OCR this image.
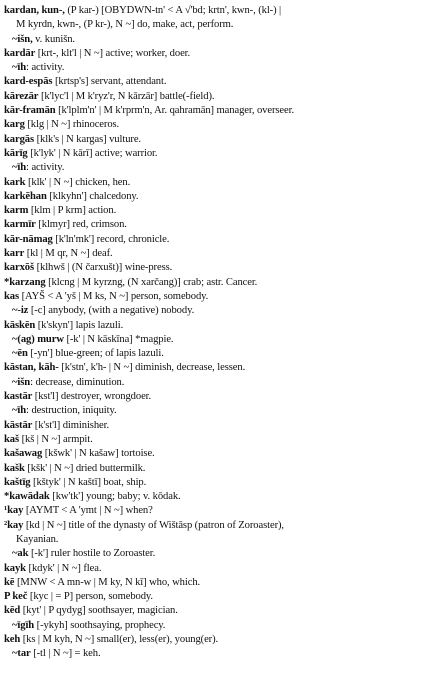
kardan, kun-, (P kar-) [OBYDWN-tn' < A √'bd; krtn', kwn-, (kl-) |
M kyrdn, kwn-, (P kr-), N ~] do, make, act, perform.
~išn, v. kunišn.
kardār [krt-, klt'l | N ~] active; worker, doer.
~īh: activity.
kard-espās [krtsp's] servant, attendant.
kārezār [k'lyc'l | M k'ryz'r, N kārzār] battle(-field).
kār-framān [k'lplm'n' | M k'rprm'n, Ar. qahramān] manager, overseer.
karg [klg | N ~] rhinoceros.
kargās [klk's | N kargas] vulture.
kārīg [k'lyk' | N kārī] active; warrior.
~īh: activity.
kark [klk' | N ~] chicken, hen.
karkēhan [klkyhn'] chalcedony.
karm [klm | P krm] action.
karmīr [klmyr] red, crimson.
kār-nāmag [k'ln'mk'] record, chronicle.
karr [kl | M qr, N ~] deaf.
karxōš [klhwš | (N čarxušt)] wine-press.
*karzang [klcng | M kyrzng, (N xarčang)] crab; astr. Cancer.
kas [AYŠ < A 'yš | M ks, N ~] person, somebody.
~-iz [-c] anybody, (with a negative) nobody.
kāskēn [k'skyn'] lapis lazuli.
~(ag) murw [-k' | N kāskīna] *magpie.
~ēn [-yn'] blue-green; of lapis lazuli.
kāstan, kāh- [k'stn', k'h- | N ~] diminish, decrease, lessen.
~išn: decrease, diminution.
kastār [kst'l] destroyer, wrongdoer.
~īh: destruction, iniquity.
kāstār [k'st'l] diminisher.
kaš [kš | N ~] armpit.
kašawag [kšwk' | N kašaw] tortoise.
kašk [kšk' | N ~] dried buttermilk.
kaštīg [kštyk' | N kaštī] boat, ship.
*kawādak [kw'tk'] young; baby; v. kōdak.
¹kay [AYMT < A 'ymt | N ~] when?
²kay [kd | N ~] title of the dynasty of Wištāsp (patron of Zoroaster),
Kayanian.
~ak [-k'] ruler hostile to Zoroaster.
kayk [kdyk' | N ~] flea.
kē [MNW < A mn-w | M ky, N kī] who, which.
P keč [kyc | = P] person, somebody.
kēd [kyt' | P qydyg] soothsayer, magician.
~īgīh [-ykyh] soothsaying, prophecy.
keh [ks | M kyh, N ~] small(er), less(er), young(er).
~tar [-tl | N ~] = keh.
